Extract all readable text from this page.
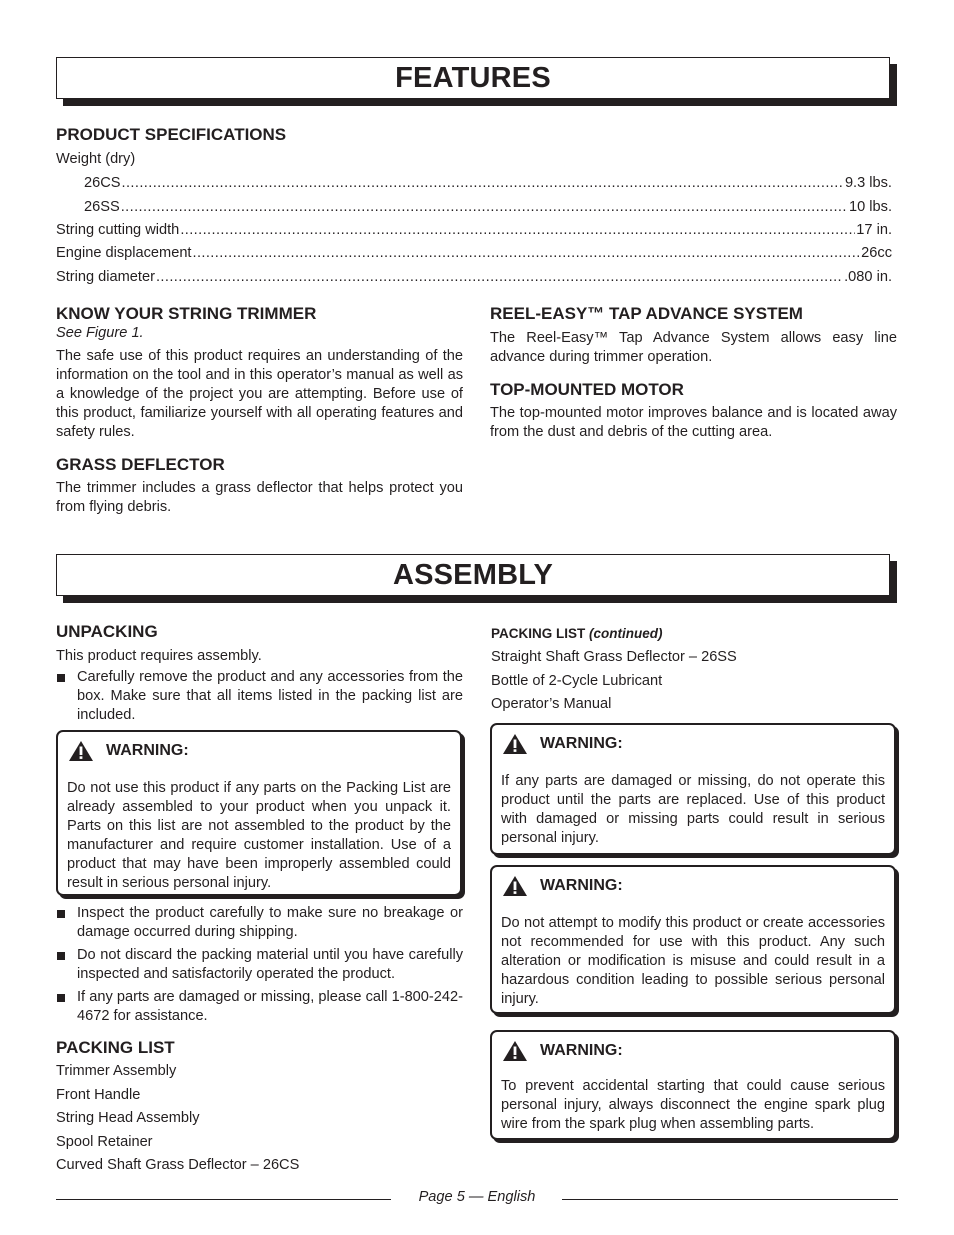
FEATURES
PRODUCT SPECIFICATIONS

Weight (dry)

26CS .....	9.3 lbs.
26SS .....	10 lbs.
String cutting width .....	17 in.
Engine displacement .....	26cc
String diameter .....	.080 in.
KNOW YOUR STRING TRIMMER

See Figure 1.

The safe use of this product requires an understanding of the information on the tool and in this operator’s manual as well as a knowledge of the project you are attempting. Before use of this product, familiarize yourself with all operating features and safety rules.

GRASS DEFLECTOR

The trimmer includes a grass deflector that helps protect you from flying debris.

REEL-EASY™ TAP ADVANCE SYSTEM

The Reel-Easy™ Tap Advance System allows easy line advance during trimmer operation.

TOP-MOUNTED MOTOR

The top-mounted motor improves balance and is located away from the dust and debris of the cutting area.

ASSEMBLY
UNPACKING

This product requires assembly.

Carefully remove the product and any accessories from the box. Make sure that all items listed in the packing list are included.
WARNING:

Do not use this product if any parts on the Packing List are already assembled to your product when you unpack it. Parts on this list are not assembled to the product by the manufacturer and require customer installation. Use of a product that may have been improperly assembled could result in serious personal injury.

Inspect the product carefully to make sure no breakage or damage occurred during shipping.
Do not discard the packing material until you have carefully inspected and satisfactorily operated the product.
If any parts are damaged or missing, please call 1-800-242-4672 for assistance.
PACKING LIST
Trimmer Assembly
Front Handle
String Head Assembly
Spool Retainer
Curved Shaft Grass Deflector – 26CS
PACKING LIST (continued)
Straight Shaft Grass Deflector – 26SS
Bottle of 2-Cycle Lubricant
Operator’s Manual
WARNING:

If any parts are damaged or missing, do not operate this product until the parts are replaced. Use of this product with damaged or missing parts could result in serious personal injury.

WARNING:

Do not attempt to modify this product or create accessories not recommended for use with this product. Any such alteration or modification is misuse and could result in a hazardous condition leading to possible serious personal injury.

WARNING:

To prevent accidental starting that could cause serious personal injury, always disconnect the engine spark plug wire from the spark plug when assembling parts.

Page 5 — English
